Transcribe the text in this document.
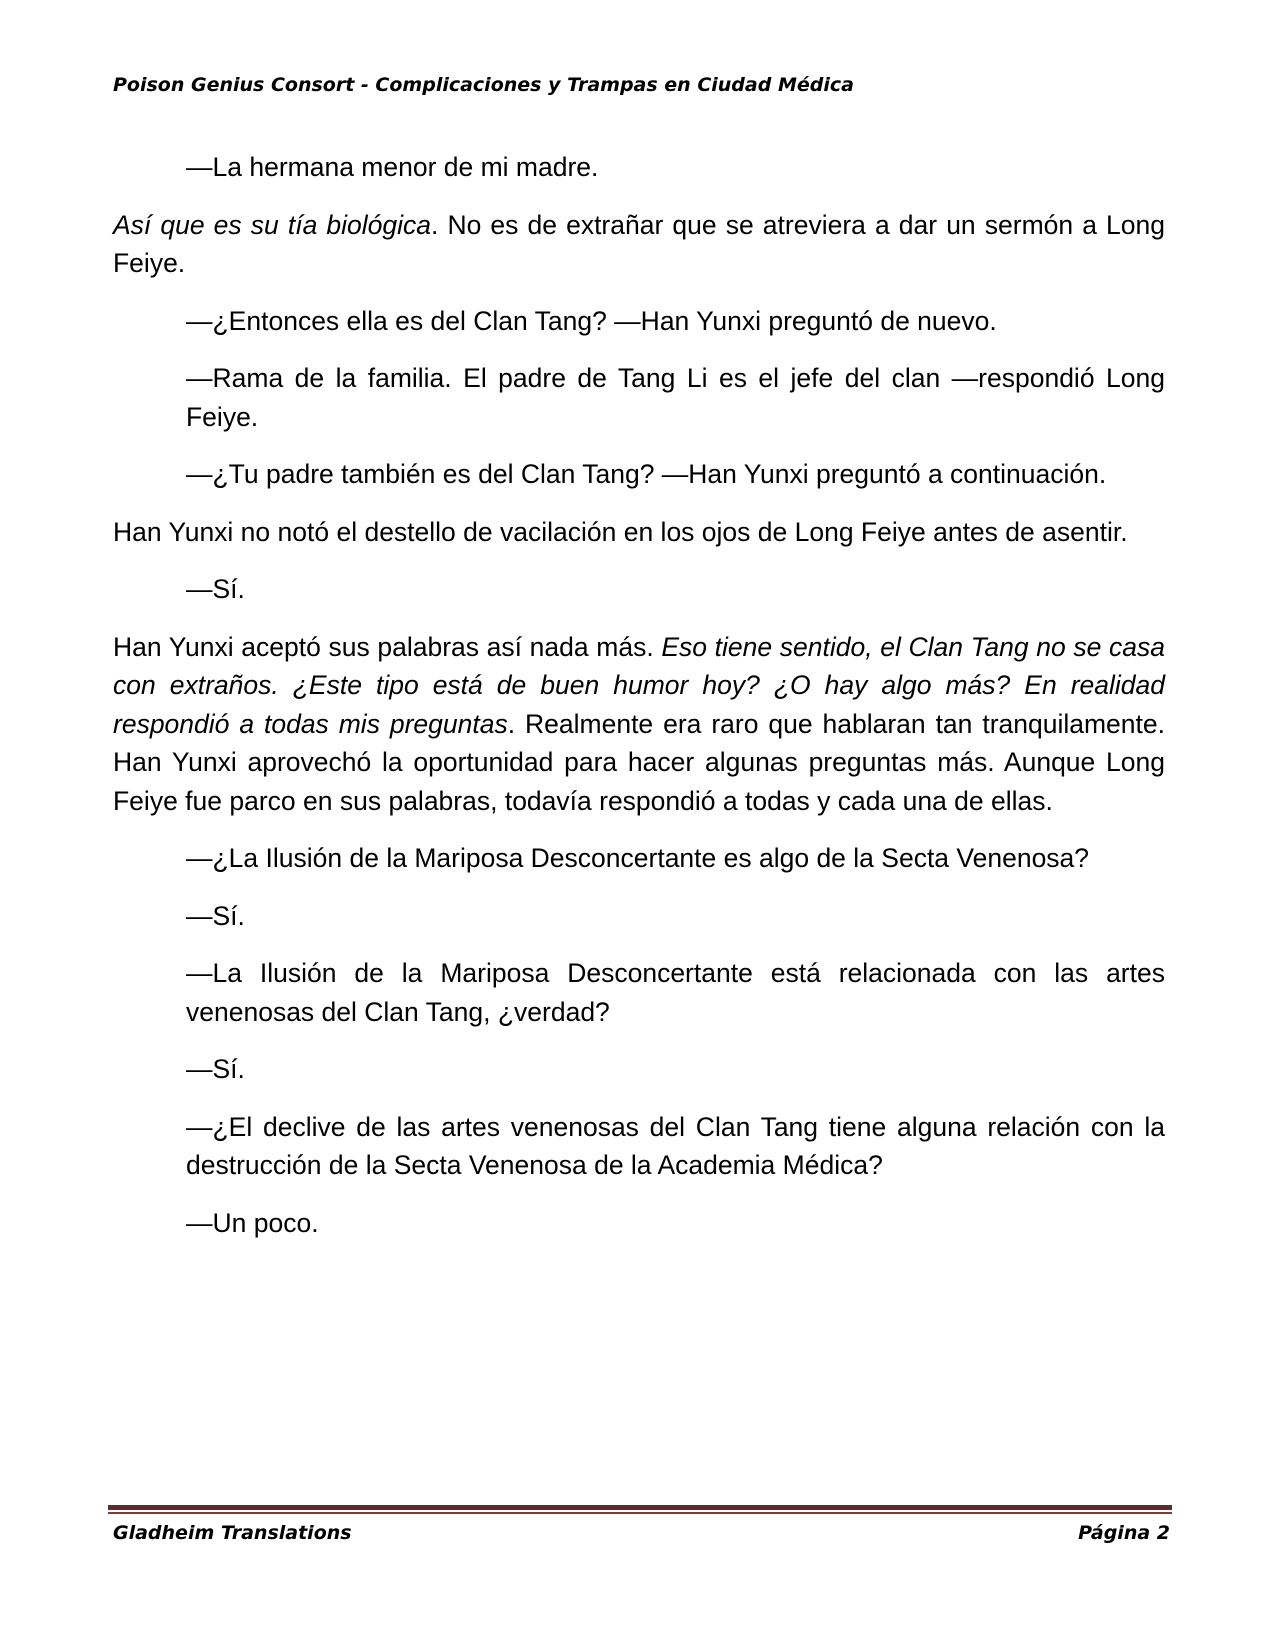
Poison Genius Consort - Complicaciones y Trampas en Ciudad Médica

—La hermana menor de mi madre.

Así que es su tía biológica. No es de extrañar que se atreviera a dar un sermón a Long Feiye.

—¿Entonces ella es del Clan Tang? —Han Yunxi preguntó de nuevo.

—Rama de la familia. El padre de Tang Li es el jefe del clan —respondió Long Feiye.

—¿Tu padre también es del Clan Tang? —Han Yunxi preguntó a continuación.

Han Yunxi no notó el destello de vacilación en los ojos de Long Feiye antes de asentir.

—Sí.

Han Yunxi aceptó sus palabras así nada más. Eso tiene sentido, el Clan Tang no se casa con extraños. ¿Este tipo está de buen humor hoy? ¿O hay algo más? En realidad respondió a todas mis preguntas. Realmente era raro que hablaran tan tranquilamente. Han Yunxi aprovechó la oportunidad para hacer algunas preguntas más. Aunque Long Feiye fue parco en sus palabras, todavía respondió a todas y cada una de ellas.

—¿La Ilusión de la Mariposa Desconcertante es algo de la Secta Venenosa?

—Sí.

—La Ilusión de la Mariposa Desconcertante está relacionada con las artes venenosas del Clan Tang, ¿verdad?

—Sí.

—¿El declive de las artes venenosas del Clan Tang tiene alguna relación con la destrucción de la Secta Venenosa de la Academia Médica?

—Un poco.

Gladheim Translations	Página 2
